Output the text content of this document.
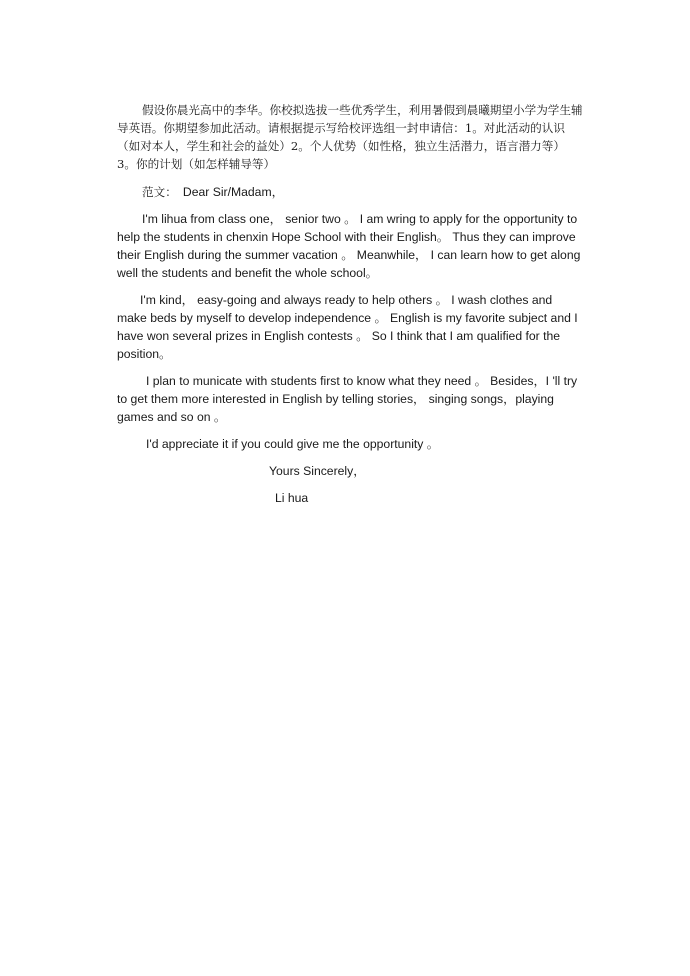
假设你晨光高中的李华。你校拟选拔一些优秀学生，利用暑假到晨曦期望小学为学生辅导英语。你期望参加此活动。请根据提示写给校评选组一封申请信：1。对此活动的认识（如对本人，学生和社会的益处）2。个人优势（如性格，独立生活潜力，语言潜力等） 3。你的计划（如怎样辅导等）

范文： Dear Sir/Madam，

I'm lihua from class one， senior two 。 I am wring to apply for the opportunity to help the students in chenxin Hope School with their English。 Thus they can improve their English during the summer vacation 。 Meanwhile， I can learn how to get along well the students and benefit the whole school。

I'm kind， easy-going and always ready to help others 。 I wash clothes and make beds by myself to develop independence 。 English is my favorite subject and I have won several prizes in English contests 。 So I think that I am qualified for the position。

I plan to municate with students first to know what they need 。 Besides，I 'll try to get them more interested in English by telling stories， singing songs，playing games and so on 。

I'd appreciate it if you could give me the opportunity 。

Yours Sincerely，

Li hua
